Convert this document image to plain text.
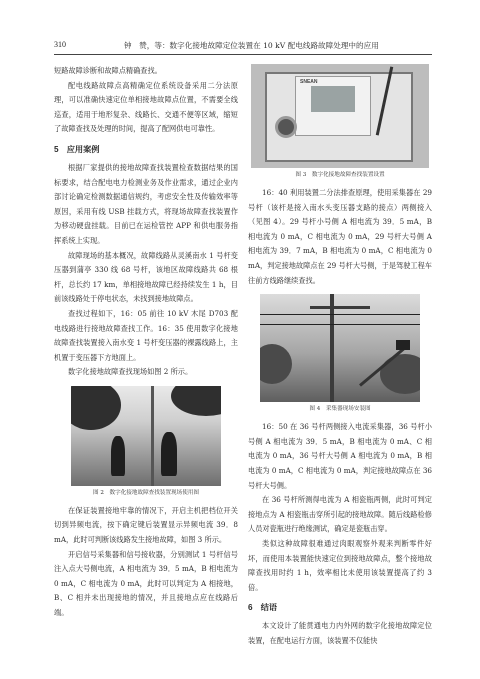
310	钟　赞，等：数字化接地故障定位装置在 10 kV 配电线路故障处理中的应用

短路故障诊断和故障点精确查找。

配电线路故障点高精确定位系统设备采用二分法原理，可以准确快速定位单相接地故障点位置，不需要全线巡查，适用于地形复杂、线路长、交通不便等区域，缩短了故障查找及处理的时间，提高了配网供电可靠性。

5　应用案例

根据厂家提供的接地故障查找装置检查数据结果的国标要求，结合配电电力检测业务及作业需求，通过企业内部讨论确定检测数据通信规约，考虑安全性及传输效率等原因，采用有线 USB 挂载方式，将现场故障查找装置作为移动硬盘挂载。目前已在运检管控 APP 和供电服务指挥系统上实现。

故障现场的基本概况，故障线路从灵溪南水 1 号杆变压器到蒲亭 330 线 68 号杆，该地区故障线路共 68 根杆，总长约 17 km，单相接地故障已经持续发生 1 h，目前该线路处于停电状态，未找到接地故障点。

查找过程如下，16：05 前往 10 kV 木尾 D703 配电线路进行接地故障查找工作。16：35 使用数字化接地故障查找装置接入南水变 1 号杆变压器的裸露线路上，主机置于变压器下方地面上。

数字化接地故障查找现场如图 2 所示。

图 2　数字化接地故障查找装置现场使用图

在保证装置接地牢靠的情况下，开启主机把档位开关切到异频电流，按下确定键后装置显示异频电流 39．8 mA，此时可判断该线路发生接地故障，如图 3 所示。

开启信号采集器和信号接收器，分别测试 1 号杆信号注入点大号侧电流，A 相电流为 39．5 mA，B 相电流为 0 mA，C 相电流为 0 mA，此时可以判定为 A 相接地，B、C 相并未出现接地的情况，并且接地点应在线路后端。

SNEAN
图 3　数字化接地故障查找装置设置

16：40 利用装置二分法排查原理，使用采集器在 29 号杆（该杆是接入南水头变压器支路的接点）两侧接入（见图 4）。29 号杆小号侧 A 相电流为 39．5 mA，B 相电流为 0 mA，C 相电流为 0 mA，29 号杆大号侧 A 相电流为 39．7 mA，B 相电流为 0 mA，C 相电流为 0 mA，判定接地故障点在 29 号杆大号侧，于是驾驶工程车往前方线路继续查找。

图 4　采集器现场安装图

16：50 在 36 号杆两侧接入电流采集器，36 号杆小号侧 A 相电流为 39．5 mA，B 相电流为 0 mA、C 相电流为 0 mA，36 号杆大号侧 A 相电流为 0 mA，B 相电流为 0 mA，C 相电流为 0 mA，判定接地故障点在 36 号杆大号侧。

在 36 号杆所测得电流为 A 相瓷瓶两侧，此时可判定接地点为 A 相瓷瓶击穿所引起的接地故障。随后线路检修人员对瓷瓶进行绝缘测试，确定是瓷瓶击穿。

类似这种故障很难通过肉眼观察外观来判断零件好坏，而使用本装置能快速定位到接地故障点，整个接地故障查找用时约 1 h，效率相比未使用该装置提高了约 3 倍。

6　结语

本文设计了能贯通电力内外网的数字化接地故障定位装置，在配电运行方面，该装置不仅能快
